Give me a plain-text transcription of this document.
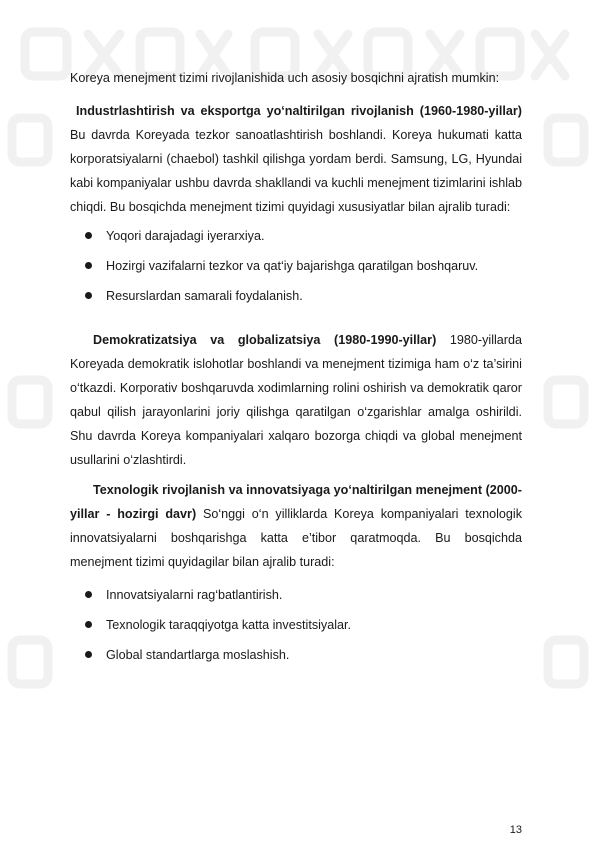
Koreya menejment tizimi rivojlanishida uch asosiy bosqichni ajratish mumkin:

Industrlashtirish va eksportga yo‘naltirilgan rivojlanish (1960-1980-yillar) Bu davrda Koreyada tezkor sanoatlashtirish boshlandi. Koreya hukumati katta korporatsiyalarni (chaebol) tashkil qilishga yordam berdi. Samsung, LG, Hyundai kabi kompaniyalar ushbu davrda shakllandi va kuchli menejment tizimlarini ishlab chiqdi. Bu bosqichda menejment tizimi quyidagi xususiyatlar bilan ajralib turadi:

Yoqori darajadagi iyerarxiya.
Hozirgi vazifalarni tezkor va qat‘iy bajarishga qaratilgan boshqaruv.
Resurslardan samarali foydalanish.

Demokratizatsiya va globalizatsiya (1980-1990-yillar) 1980-yillarda Koreyada demokratik islohotlar boshlandi va menejment tizimiga ham o‘z ta’sirini o‘tkazdi. Korporativ boshqaruvda xodimlarning rolini oshirish va demokratik qaror qabul qilish jarayonlarini joriy qilishga qaratilgan o‘zgarishlar amalga oshirildi. Shu davrda Koreya kompaniyalari xalqaro bozorga chiqdi va global menejment usullarini o‘zlashtirdi.

Texnologik rivojlanish va innovatsiyaga yo‘naltirilgan menejment (2000-yillar - hozirgi davr) So‘nggi o‘n yilliklarda Koreya kompaniyalari texnologik innovatsiyalarni boshqarishga katta e’tibor qaratmoqda. Bu bosqichda menejment tizimi quyidagilar bilan ajralib turadi:

Innovatsiyalarni rag‘batlantirish.
Texnologik taraqqiyotga katta investitsiyalar.
Global standartlarga moslashish.
13
